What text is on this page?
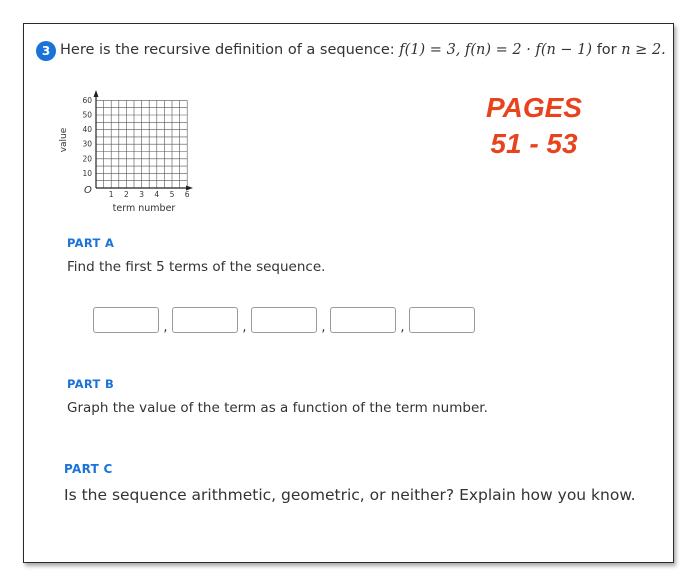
3 Here is the recursive definition of a sequence: f(1) = 3, f(n) = 2 · f(n − 1) for n ≥ 2.
O 1 2 3 4 5 6
10
20
30
40
50
60
value
term number
PAGES
51 - 53
PART A
Find the first 5 terms of the sequence.
,	,	,	,
PART B
Graph the value of the term as a function of the term number.
PART C
Is the sequence arithmetic, geometric, or neither? Explain how you know.
